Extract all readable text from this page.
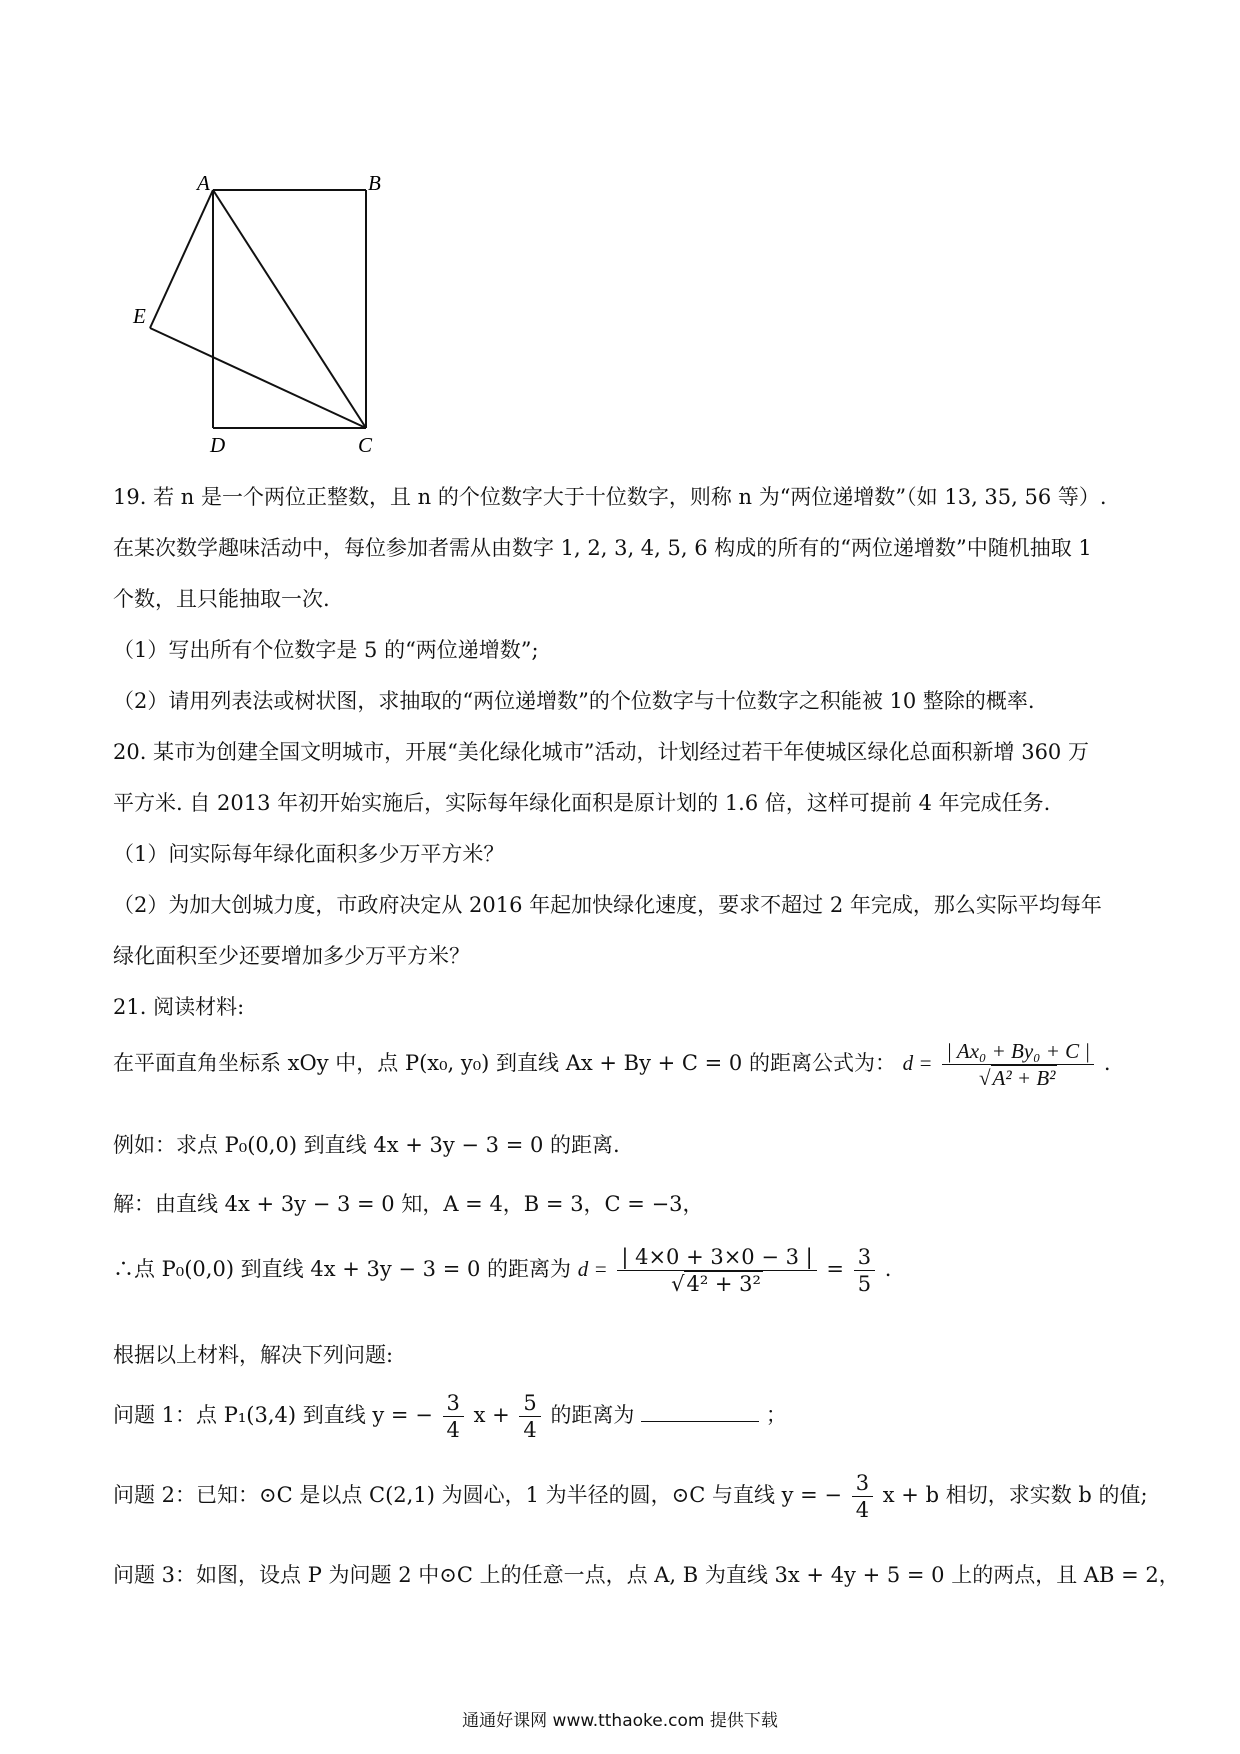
A	B
E
D	C
19. 若 n 是一个两位正整数，且 n 的个位数字大于十位数字，则称 n 为“两位递增数”（如 13, 35, 56 等）.
在某次数学趣味活动中，每位参加者需从由数字 1, 2, 3, 4, 5, 6 构成的所有的“两位递增数”中随机抽取 1
个数，且只能抽取一次.
（1）写出所有个位数字是 5 的“两位递增数”;
（2）请用列表法或树状图，求抽取的“两位递增数”的个位数字与十位数字之积能被 10 整除的概率.
20. 某市为创建全国文明城市，开展“美化绿化城市”活动，计划经过若干年使城区绿化总面积新增 360 万
平方米. 自 2013 年初开始实施后，实际每年绿化面积是原计划的 1.6 倍，这样可提前 4 年完成任务.
（1）问实际每年绿化面积多少万平方米？
（2）为加大创城力度，市政府决定从 2016 年起加快绿化速度，要求不超过 2 年完成，那么实际平均每年
绿化面积至少还要增加多少万平方米？
21. 阅读材料:
在平面直角坐标系 xOy 中，点 P(x₀, y₀) 到直线 Ax + By + C = 0 的距离公式为： $d = \frac{\text{| Ax₀ + By₀ + C |}}{\text{√A² + B²}}$ .
例如：求点 P₀(0,0) 到直线 4x + 3y − 3 = 0 的距离.
解：由直线 4x + 3y − 3 = 0 知，A = 4，B = 3，C = −3，
∴点 P₀(0,0) 到直线 4x + 3y − 3 = 0 的距离为 $d = \frac{| 4\times 0 + 3\times 0 - 3 |}{\text{√4² + 3²}} = \frac{3}{5}$ .
根据以上材料，解决下列问题:
问题 1：点 P₁(3,4) 到直线 y = − $\frac{3}{4}$ $x + \frac{5}{4}$ 的距离为	；
问题 2：已知：⊙C 是以点 C(2,1) 为圆心，1 为半径的圆，⊙C 与直线 y = − $\frac{3}{4}$ x + b 相切，求实数 b 的值;
问题 3：如图，设点 P 为问题 2 中⊙C 上的任意一点，点 A, B 为直线 3x + 4y + 5 = 0 上的两点，且 AB = 2，
通通好课网 www.tthaoke.com 提供下载
